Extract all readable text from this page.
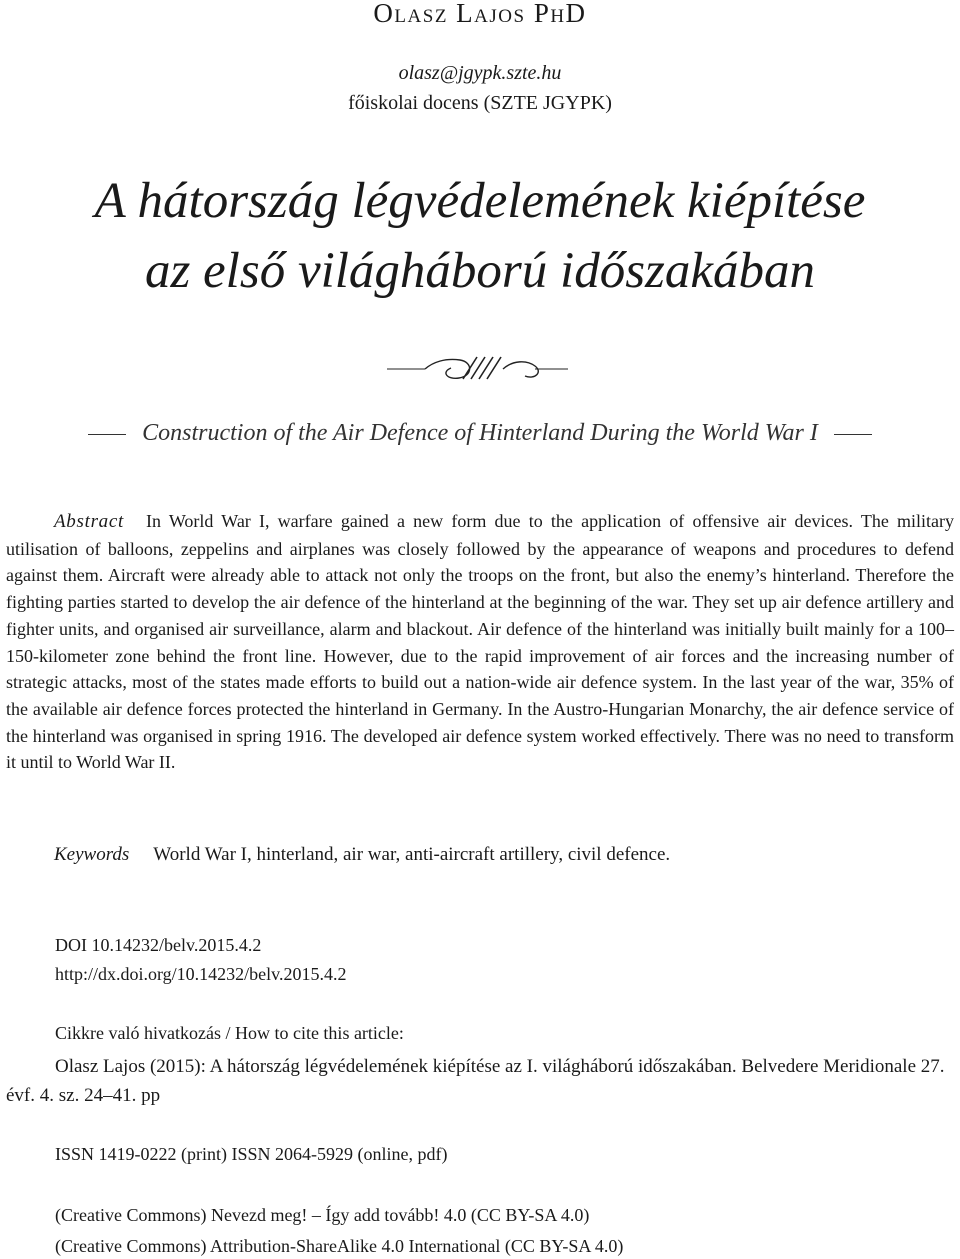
Olasz Lajos PhD
olasz@jgypk.szte.hu
főiskolai docens (SZTE JGYPK)
A hátország légvédelemének kiépítése
az első világháború időszakában
Construction of the Air Defence of Hinterland During the World War I
Abstract In World War I, warfare gained a new form due to the application of offensive air devices. The military utilisation of balloons, zeppelins and airplanes was closely followed by the appearance of weapons and procedures to defend against them. Aircraft were already able to attack not only the troops on the front, but also the enemy’s hinterland. Therefore the fighting parties started to develop the air defence of the hinterland at the beginning of the war. They set up air defence artillery and fighter units, and organised air surveillance, alarm and blackout. Air defence of the hinterland was initially built mainly for a 100–150-kilometer zone behind the front line. However, due to the rapid improvement of air forces and the increasing number of strategic attacks, most of the states made efforts to build out a nation-wide air defence system. In the last year of the war, 35% of the available air defence forces protected the hinterland in Germany. In the Austro-Hungarian Monarchy, the air defence service of the hinterland was organised in spring 1916. The developed air defence system worked effectively. There was no need to transform it until to World War II.
Keywords World War I, hinterland, air war, anti-aircraft artillery, civil defence.
DOI 10.14232/belv.2015.4.2
http://dx.doi.org/10.14232/belv.2015.4.2
Cikkre való hivatkozás / How to cite this article:
Olasz Lajos (2015): A hátország légvédelemének kiépítése az I. világháború időszakában. Belvedere Meridionale 27. évf. 4. sz. 24–41. pp
ISSN 1419-0222 (print) ISSN 2064-5929 (online, pdf)
(Creative Commons) Nevezd meg! – Így add tovább! 4.0 (CC BY-SA 4.0)
(Creative Commons) Attribution-ShareAlike 4.0 International (CC BY-SA 4.0)
